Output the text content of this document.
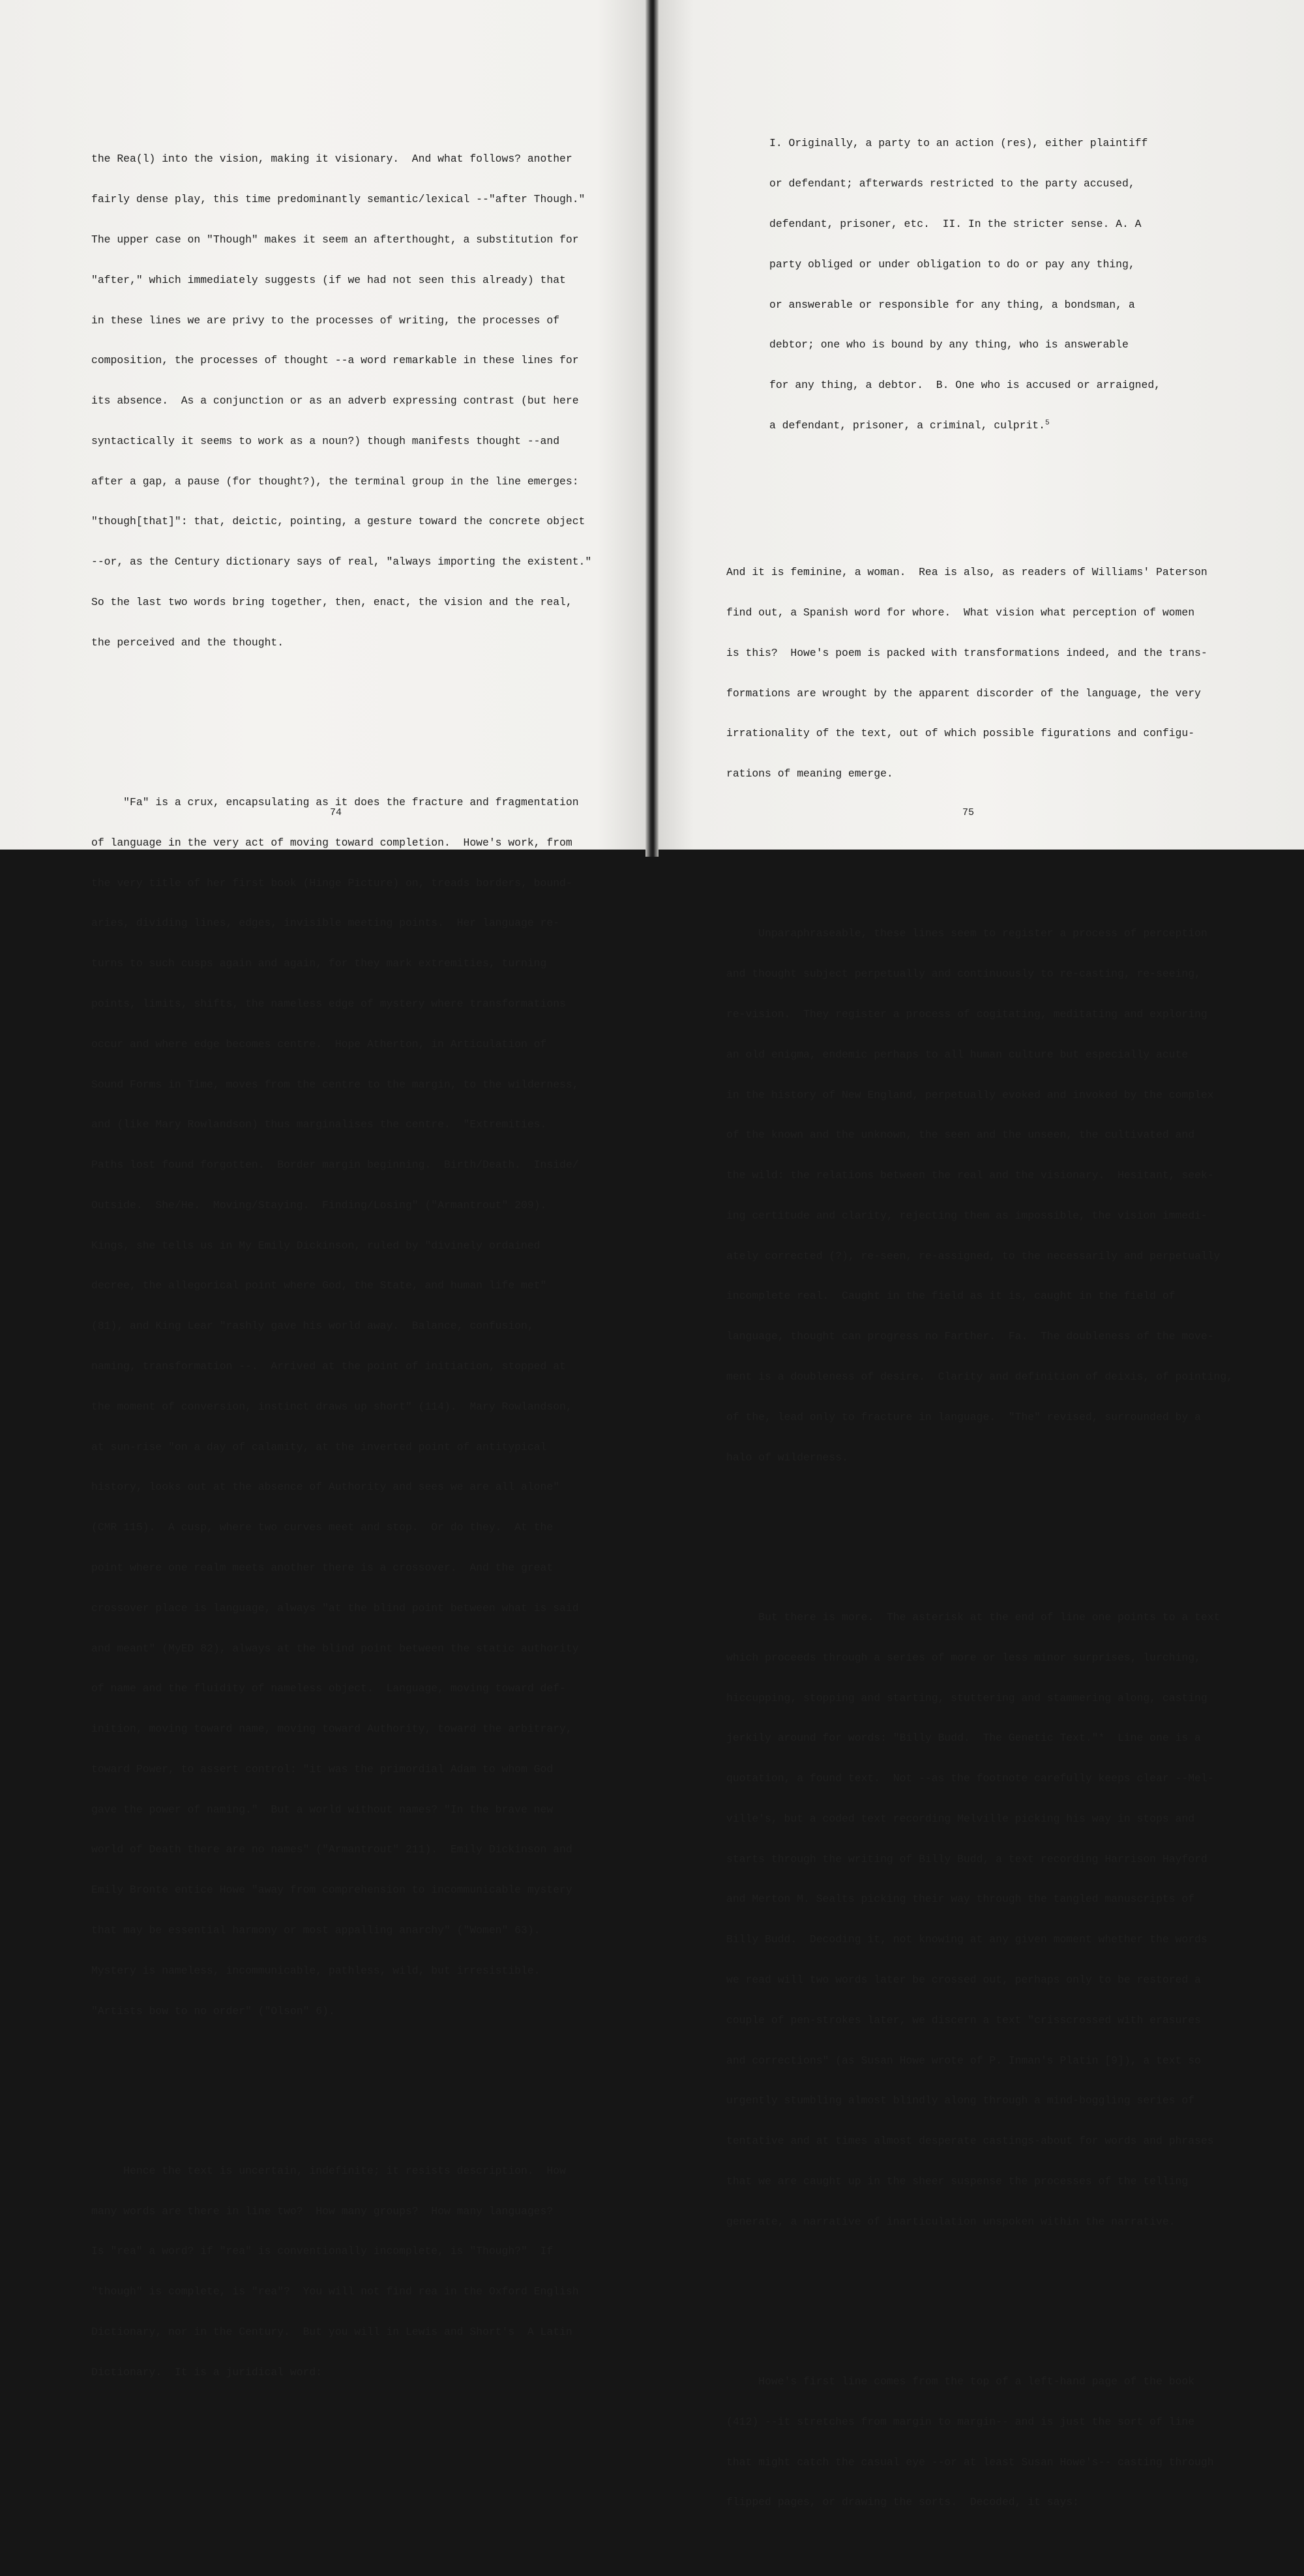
the Rea(l) into the vision, making it visionary.  And what follows? another

fairly dense play, this time predominantly semantic/lexical --"after Though."

The upper case on "Though" makes it seem an afterthought, a substitution for

"after," which immediately suggests (if we had not seen this already) that

in these lines we are privy to the processes of writing, the processes of

composition, the processes of thought --a word remarkable in these lines for

its absence.  As a conjunction or as an adverb expressing contrast (but here

syntactically it seems to work as a noun?) though manifests thought --and

after a gap, a pause (for thought?), the terminal group in the line emerges:

"though[that]": that, deictic, pointing, a gesture toward the concrete object

--or, as the Century dictionary says of real, "always importing the existent."

So the last two words bring together, then, enact, the vision and the real,

the perceived and the thought.

"Fa" is a crux, encapsulating as it does the fracture and fragmentation

of language in the very act of moving toward completion.  Howe's work, from

the very title of her first book (Hinge Picture) on, treads borders, bound-

aries, dividing lines, edges, invisible meeting points.  Her language re-

turns to such cusps again and again, for they mark extremities, turning

points, limits, shifts, the nameless edge of mystery where transformations

occur and where edge becomes centre.  Hope Atherton, in Articulation of

Sound Forms in Time, moves from the centre to the margin, to the wilderness,

and (like Mary Rowlandson) thus marginalises the centre.  "Extremities.

Paths lost found forgotten.  Border margin beginning.  Birth/Death.  Inside/

Outside.  She/He.  Moving/Staying.  Finding/Losing" ("Armantrout" 209).

Kings, she tells us in My Emily Dickinson, ruled by "divinely ordained

decree, the allegorical point where God, the State, and human life met"

(81), and King Lear "rashly gave his world away.  Balance, confusion,

naming, transformation --.  Arrived at the point of initiation, stopped at

the moment of conversion, instinct draws up short" (114).  Mary Rowlandson,

at sun-rise "on a day of calamity, at the inverted point of antitypical

history, looks out at the absence of Authority and sees we are all alone"

(CMR 115).  A cusp, where two curves meet and stop.  Or do they.  At the

point where one realm meets another there is a crossover.  And the great

crossover place is language, always "at the blind point between what is said

and meant" (MyED 82), always at the blind point between the static authority

of name and the fluidity of nameless object.  Language, moving toward def-

inition, moving toward name, moving toward Authority, toward the arbitrary,

toward Power, to assert control: "it was the primordial Adam to whom God

gave the power of naming."  But a world without names? "In the brave new

world of Death there are no names" ("Armantrout" 211).  Emily Dickinson and

Emily Bronte entice Howe "away from comprehension to incommunicable mystery

that may be essential harmony or most appalling anarchy" ("Women" 63).

Mystery is nameless, incommunicable, pathless, wild, but irresistible.

"Artists bow to no order" ("Olson" 6).

Hence the text is uncertain, indefinite; it resists description.  How

many words are there in line two?  How many groups?  How many languages?

Is "rea" a word? if "rea" is conventionally incomplete, is "Though?"  If

"though" is complete, is "rea"?  You will not find rea in the Oxford English

Dictionary, nor in the Century.  But you will in Lewis and Short's  A Latin

Dictionary.  It is a juridical word:

74

I. Originally, a party to an action (res), either plaintiff

or defendant; afterwards restricted to the party accused,

defendant, prisoner, etc.  II. In the stricter sense. A. A

party obliged or under obligation to do or pay any thing,

or answerable or responsible for any thing, a bondsman, a

debtor; one who is bound by any thing, who is answerable

for any thing, a debtor.  B. One who is accused or arraigned,

a defendant, prisoner, a criminal, culprit.$^5$

And it is feminine, a woman.  Rea is also, as readers of Williams' Paterson

find out, a Spanish word for whore.  What vision what perception of women

is this?  Howe's poem is packed with transformations indeed, and the trans-

formations are wrought by the apparent discorder of the language, the very

irrationality of the text, out of which possible figurations and configu-

rations of meaning emerge.

Unparaphraseable, these lines seem to register a process of perception

and thought subject perpetually and continuously to re-casting, re-seeing,

re-vision.  They register a process of cogitating, meditating and exploring

an old enigma, endemic perhaps to all human culture but especially acute

in the history of New England, perpetually evoked and invoked by the complex

of the known and the unknown, the seen and the unseen, the cultivated and

the wild: the relations between the real and the visionary.  Hesitant, seek-

ing certitude and clarity, rejecting them as impossible, the vision immedi-

ately corrected (?), re-seen, re-assigned, to the necessarily and perpetually

incomplete real.  Caught in the field as it is, caught in the field of

language, thought can progress no Farther.  Fa.  The doubleness of the move-

ment is a doubleness of desire.  Clarity and definition of deixis, of pointing,

of the, lead only to fracture in language.  "The" revised, surrounded by a

halo of wilderness.

But there is more.  The asterisk at the end of line one points to a text

which proceeds through a series of more or less minor surprises, lurching,

hiccupping, stopping and starting, stuttering and stammering along, casting

jerkily around for words: "Billy Budd.  The Genetic Text."*  Line one is a

quotation, a found text.  Not --as the footnote carefully keeps clear --Mel-

ville's, but a coded text recording Melville picking his way in stops and

starts through the writing of Billy Budd, a text recording Harrison Hayford

and Merton M. Sealts picking their way through the tangled manuscripts of

Billy Budd.  Decoding it, not knowing at any given moment whether the words

we read will two words later be crossed out, perhaps only to be restored a

couple of pen-strokes later, we discern a text "crisscrossed with erasures

and corrections" (as Susan Howe wrote of P. Inman's Platin [9]), a text so

urgently stumbling almost blindly along through a mind-boggling series of

tentative and at times almost desperate castings-about for words and phrases

that we are caught up in the sheer suspense the processes of the telling

generate, a narrative of inarticulation unspoken within the narrative.

Howe's first line comes from the top of a left-hand page of the book

(412) --it stretches from margin to margin-- and is just the sort of line

that might catch the casual eye --or at least Susan Howe's-- casting through

flipped pages, or drawing the sorts.  Decoded, it says:

75
